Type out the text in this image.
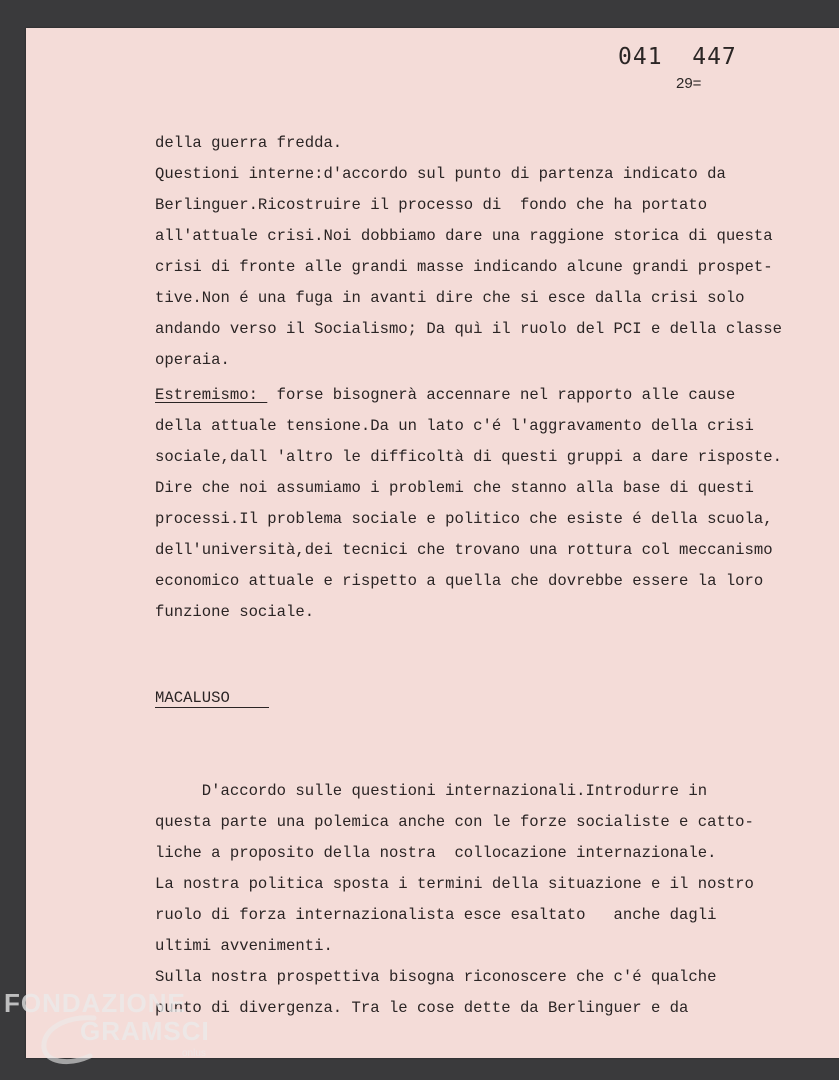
041  447
29=
della guerra fredda.
Questioni interne:d'accordo sul punto di partenza indicato da
Berlinguer.Ricostruire il processo di  fondo che ha portato
all'attuale crisi.Noi dobbiamo dare una raggione storica di questa
crisi di fronte alle grandi masse indicando alcune grandi prospet-
tive.Non é una fuga in avanti dire che si esce dalla crisi solo
andando verso il Socialismo; Da quì il ruolo del PCI e della classe
operaia.
Estremismo:  forse bisognerà accennare nel rapporto alle cause
della attuale tensione.Da un lato c'é l'aggravamento della crisi
sociale,dall 'altro le difficoltà di questi gruppi a dare risposte.
Dire che noi assumiamo i problemi che stanno alla base di questi
processi.Il problema sociale e politico che esiste é della scuola,
dell'università,dei tecnici che trovano una rottura col meccanismo
economico attuale e rispetto a quella che dovrebbe essere la loro
funzione sociale.
MACALUSO
D'accordo sulle questioni internazionali.Introdurre in
questa parte una polemica anche con le forze socialiste e catto-
liche a proposito della nostra  collocazione internazionale.
La nostra politica sposta i termini della situazione e il nostro
ruolo di forza internazionalista esce esaltato   anche dagli
ultimi avvenimenti.
Sulla nostra prospettiva bisogna riconoscere che c'é qualche
punto di divergenza. Tra le cose dette da Berlinguer e da
FONDAZIONE
GRAMSCI
onlus
